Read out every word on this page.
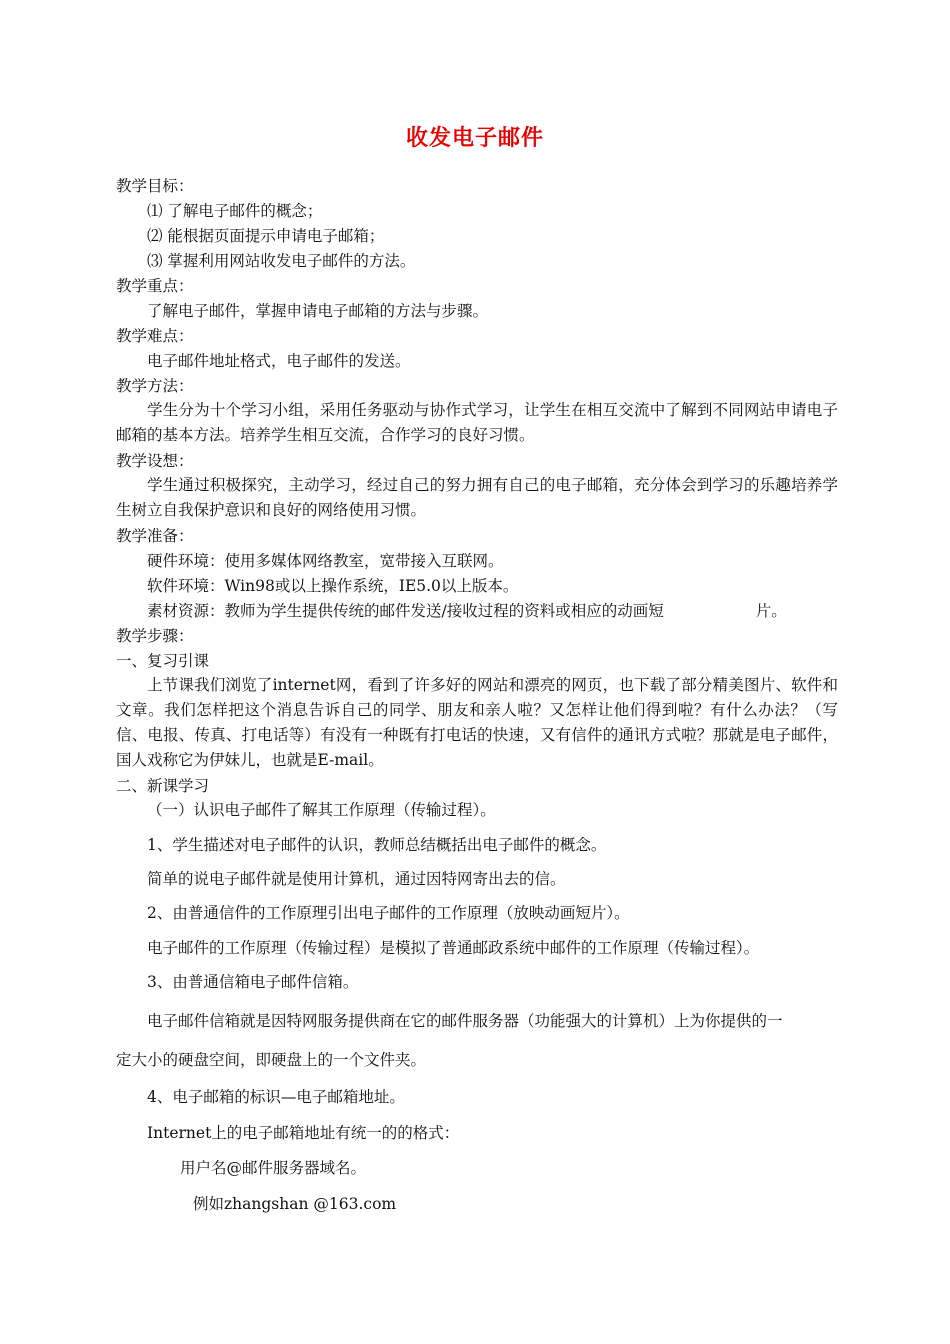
收发电子邮件
教学目标：
⑴ 了解电子邮件的概念；
⑵ 能根据页面提示申请电子邮箱；
⑶ 掌握利用网站收发电子邮件的方法。
教学重点：
了解电子邮件，掌握申请电子邮箱的方法与步骤。
教学难点：
电子邮件地址格式，电子邮件的发送。
教学方法：
学生分为十个学习小组，采用任务驱动与协作式学习，让学生在相互交流中了解到不同网站申请电子邮箱的基本方法。培养学生相互交流，合作学习的良好习惯。
教学设想：
学生通过积极探究，主动学习，经过自己的努力拥有自己的电子邮箱，充分体会到学习的乐趣培养学生树立自我保护意识和良好的网络使用习惯。
教学准备：
硬件环境：使用多媒体网络教室，宽带接入互联网。
软件环境：Win98或以上操作系统，IE5.0以上版本。
素材资源：教师为学生提供传统的邮件发送/接收过程的资料或相应的动画短	片。
教学步骤：
一、复习引课
上节课我们浏览了internet网，看到了许多好的网站和漂亮的网页，也下载了部分精美图片、软件和文章。我们怎样把这个消息告诉自己的同学、朋友和亲人啦？又怎样让他们得到啦？有什么办法？（写信、电报、传真、打电话等）有没有一种既有打电话的快速，又有信件的通讯方式啦？那就是电子邮件，国人戏称它为伊妹儿，也就是E-mail。
二、新课学习
（一）认识电子邮件了解其工作原理（传输过程）。
1、学生描述对电子邮件的认识，教师总结概括出电子邮件的概念。
简单的说电子邮件就是使用计算机，通过因特网寄出去的信。
2、由普通信件的工作原理引出电子邮件的工作原理（放映动画短片）。
电子邮件的工作原理（传输过程）是模拟了普通邮政系统中邮件的工作原理（传输过程）。
3、由普通信箱电子邮件信箱。
电子邮件信箱就是因特网服务提供商在它的邮件服务器（功能强大的计算机）上为你提供的一
定大小的硬盘空间，即硬盘上的一个文件夹。
4、电子邮箱的标识—电子邮箱地址。
Internet上的电子邮箱地址有统一的的格式：
用户名@邮件服务器域名。
例如zhangshan @163.com
